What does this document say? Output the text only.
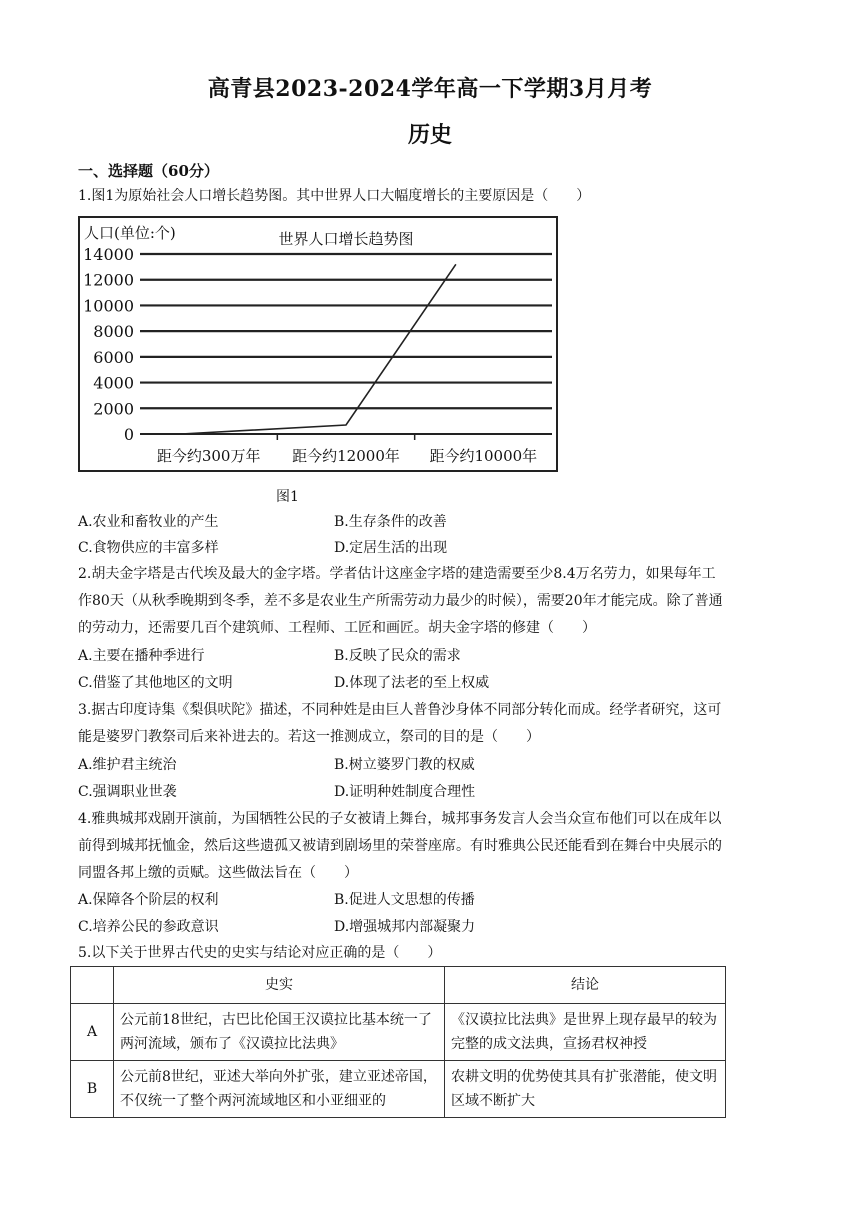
高青县2023-2024学年高一下学期3月月考
历史
一、选择题（60分）
1.图1为原始社会人口增长趋势图。其中世界人口大幅度增长的主要原因是（　　）
0
2000
4000
6000
8000
10000
12000
14000
距今约300万年 距今约12000年 距今约10000年
人口(单位:个)	世界人口增长趋势图
图1
A.农业和畜牧业的产生	B.生存条件的改善
C.食物供应的丰富多样	D.定居生活的出现
2.胡夫金字塔是古代埃及最大的金字塔。学者估计这座金字塔的建造需要至少8.4万名劳力，如果每年工
作80天（从秋季晚期到冬季，差不多是农业生产所需劳动力最少的时候），需要20年才能完成。除了普通
的劳动力，还需要几百个建筑师、工程师、工匠和画匠。胡夫金字塔的修建（　　）
A.主要在播种季进行	B.反映了民众的需求
C.借鉴了其他地区的文明	D.体现了法老的至上权威
3.据古印度诗集《梨俱吠陀》描述，不同种姓是由巨人普鲁沙身体不同部分转化而成。经学者研究，这可
能是婆罗门教祭司后来补进去的。若这一推测成立，祭司的目的是（　　）
A.维护君主统治	B.树立婆罗门教的权威
C.强调职业世袭	D.证明种姓制度合理性
4.雅典城邦戏剧开演前，为国牺牲公民的子女被请上舞台，城邦事务发言人会当众宣布他们可以在成年以
前得到城邦抚恤金，然后这些遗孤又被请到剧场里的荣誉座席。有时雅典公民还能看到在舞台中央展示的
同盟各邦上缴的贡赋。这些做法旨在（　　）
A.保障各个阶层的权利	B.促进人文思想的传播
C.培养公民的参政意识	D.增强城邦内部凝聚力
5.以下关于世界古代史的史实与结论对应正确的是（　　）
	史实	结论
A	公元前18世纪，古巴比伦国王汉谟拉比基本统一了两河流域，颁布了《汉谟拉比法典》	《汉谟拉比法典》是世界上现存最早的较为完整的成文法典，宣扬君权神授
B	公元前8世纪，亚述大举向外扩张，建立亚述帝国，不仅统一了整个两河流域地区和小亚细亚的	农耕文明的优势使其具有扩张潜能，使文明区域不断扩大
